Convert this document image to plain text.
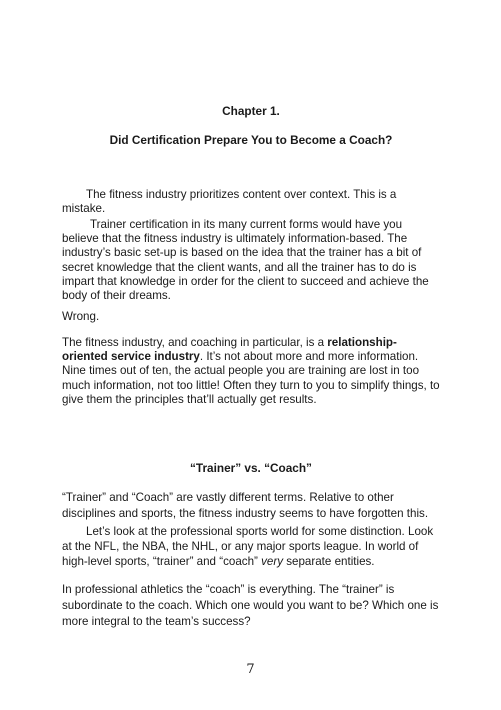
Chapter 1.

Did Certification Prepare You to Become a Coach?

The fitness industry prioritizes content over context. This is a mistake.

Trainer certification in its many current forms would have you believe that the fitness industry is ultimately information-based. The industry’s basic set-up is based on the idea that the trainer has a bit of secret knowledge that the client wants, and all the trainer has to do is impart that knowledge in order for the client to succeed and achieve the body of their dreams.

Wrong.

The fitness industry, and coaching in particular, is a relationship-oriented service industry. It’s not about more and more information. Nine times out of ten, the actual people you are training are lost in too much information, not too little! Often they turn to you to simplify things, to give them the principles that’ll actually get results.

“Trainer” vs. “Coach”

“Trainer” and “Coach” are vastly different terms. Relative to other disciplines and sports, the fitness industry seems to have forgotten this.

Let’s look at the professional sports world for some distinction. Look at the NFL, the NBA, the NHL, or any major sports league. In world of high-level sports, “trainer” and “coach” very separate entities.

In professional athletics the “coach” is everything. The “trainer” is subordinate to the coach. Which one would you want to be? Which one is more integral to the team’s success?

7
